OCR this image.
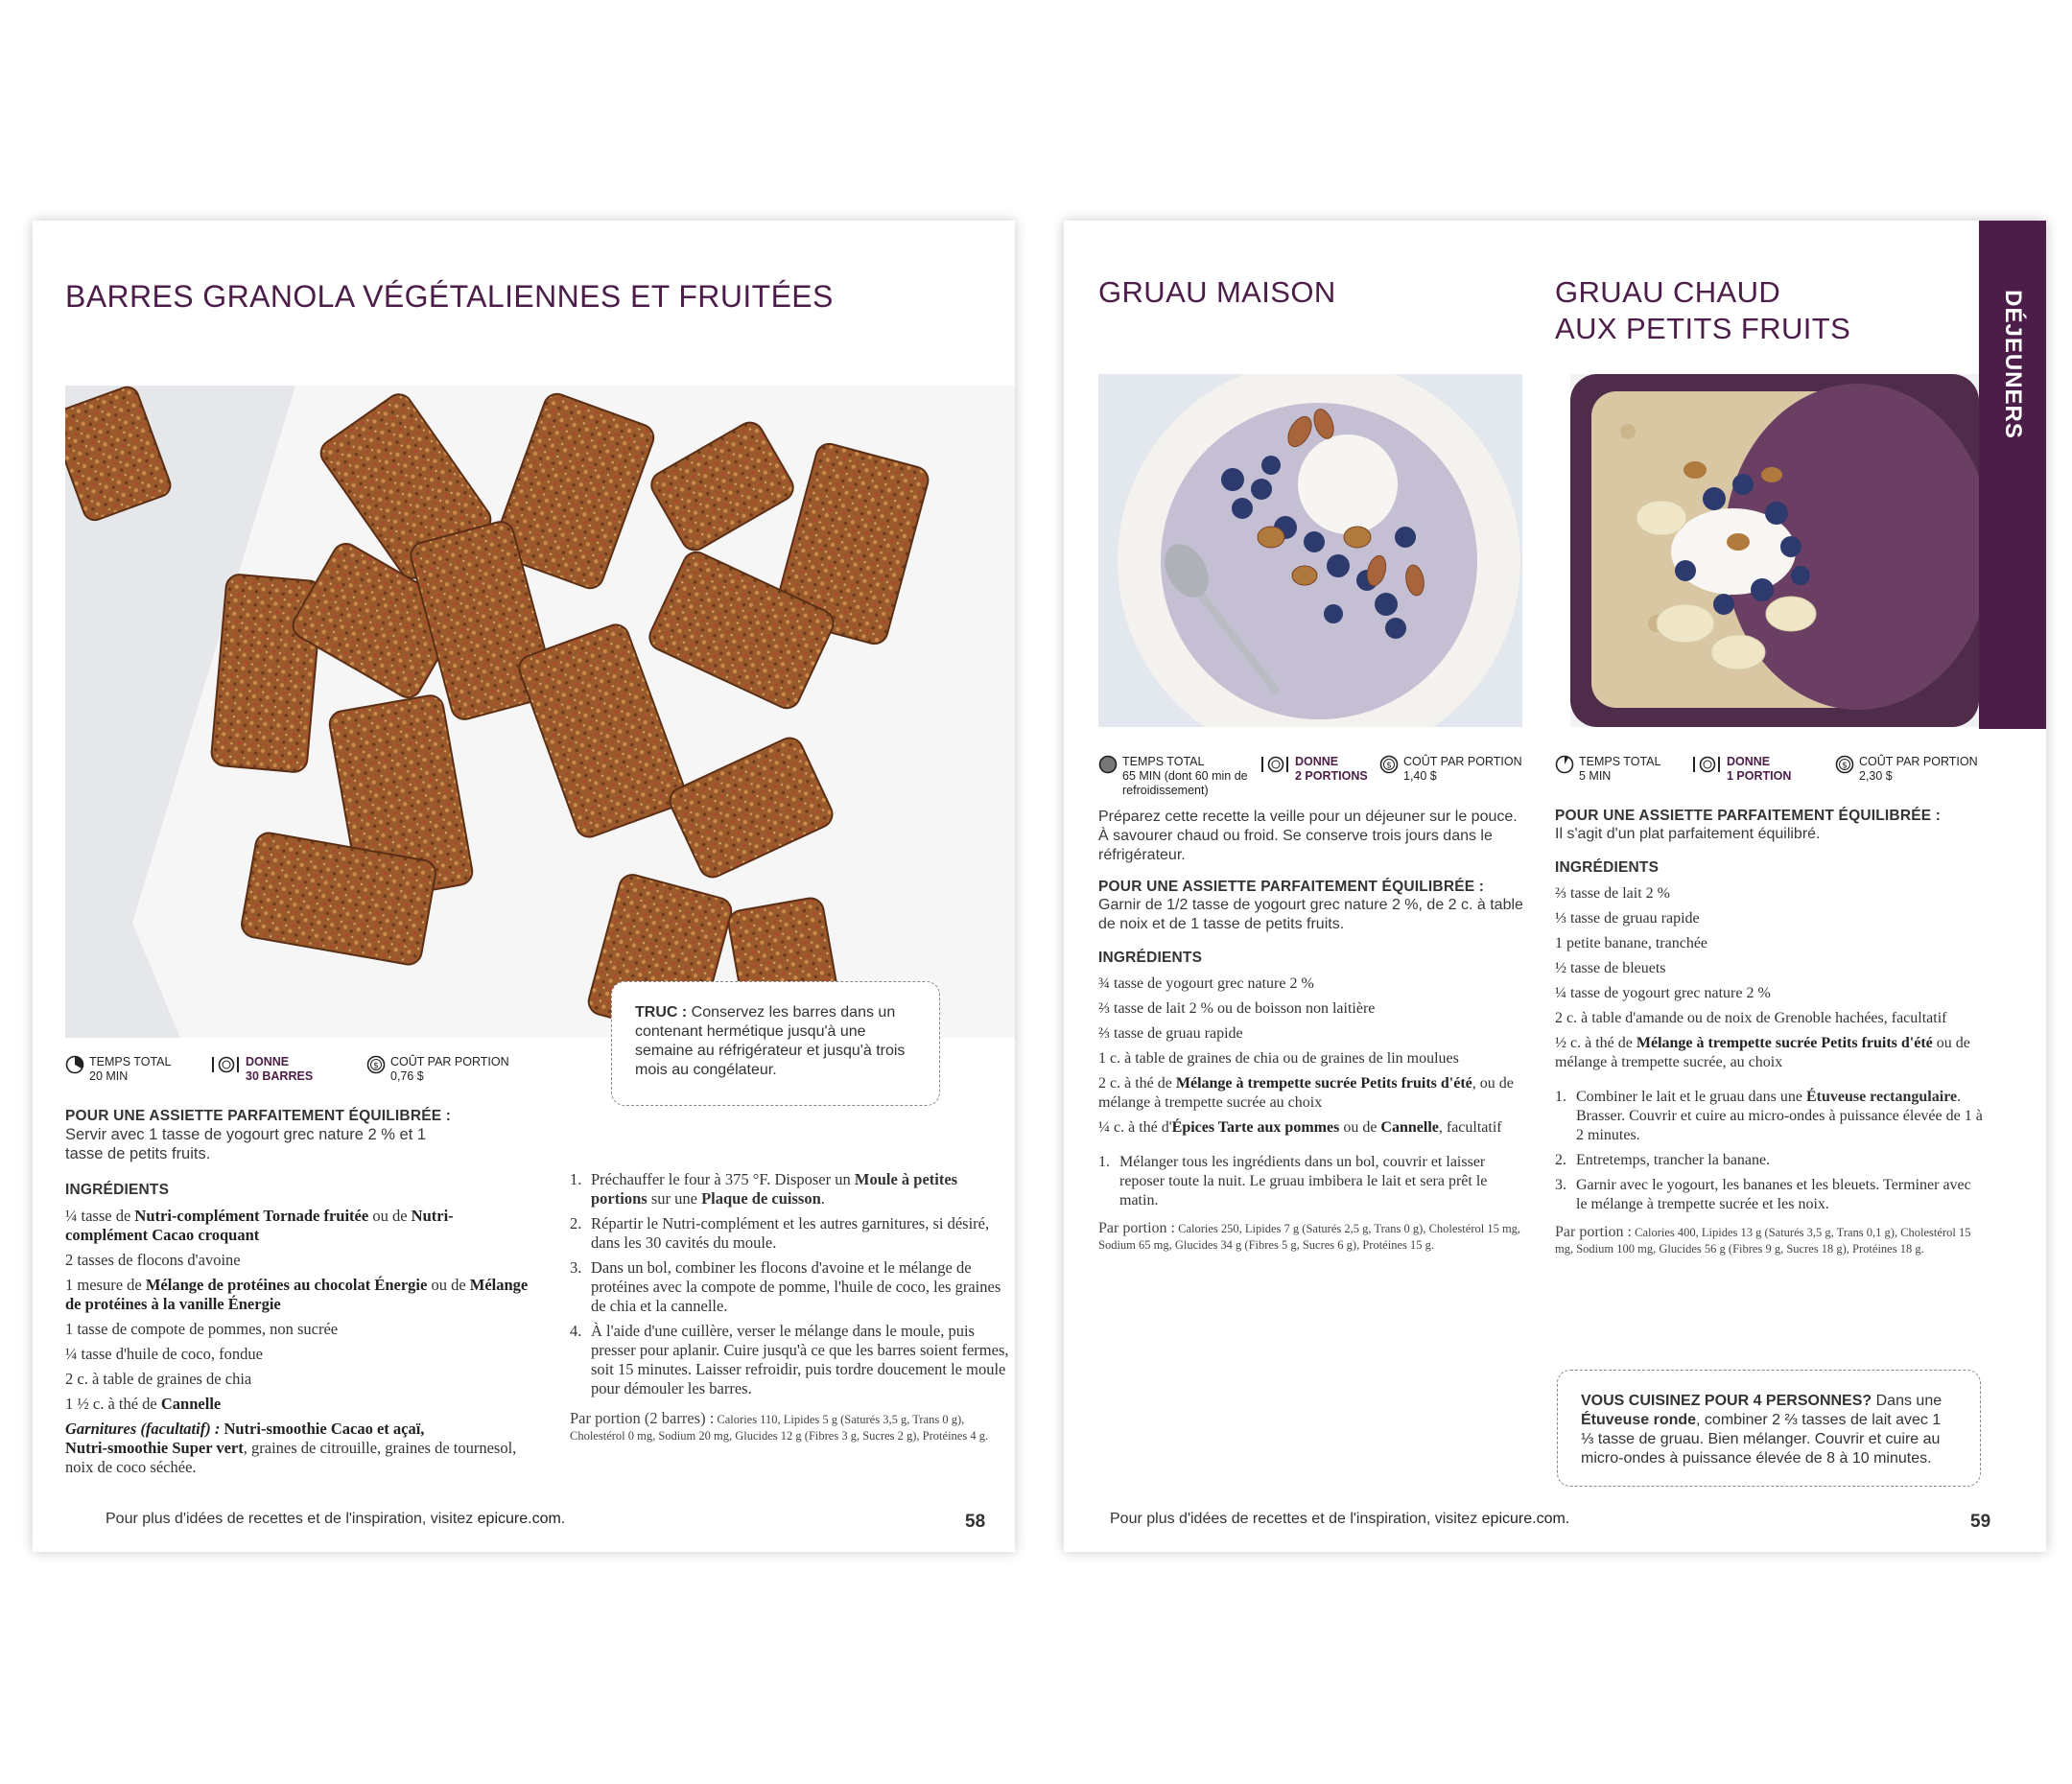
BARRES GRANOLA VÉGÉTALIENNES ET FRUITÉES
TRUC : Conservez les barres dans un contenant hermétique jusqu'à une semaine au réfrigérateur et jusqu'à trois mois au congélateur.
TEMPS TOTAL
20 MIN
DONNE
30 BARRES
$ COÛT PAR PORTION
0,76 $
POUR UNE ASSIETTE PARFAITEMENT ÉQUILIBRÉE :
Servir avec 1 tasse de yogourt grec nature 2 % et 1 tasse de petits fruits.
INGRÉDIENTS
¼ tasse de Nutri-complément Tornade fruitée ou de Nutri-complément Cacao croquant
2 tasses de flocons d'avoine
1 mesure de Mélange de protéines au chocolat Énergie ou de Mélange de protéines à la vanille Énergie
1 tasse de compote de pommes, non sucrée
¼ tasse d'huile de coco, fondue
2 c. à table de graines de chia
1 ½ c. à thé de Cannelle
Garnitures (facultatif) : Nutri-smoothie Cacao et açaï,
Nutri-smoothie Super vert, graines de citrouille, graines de tournesol, noix de coco séchée.
1. Préchauffer le four à 375 °F. Disposer un Moule à petites portions sur une Plaque de cuisson.
2. Répartir le Nutri-complément et les autres garnitures, si désiré, dans les 30 cavités du moule.
3. Dans un bol, combiner les flocons d'avoine et le mélange de protéines avec la compote de pomme, l'huile de coco, les graines de chia et la cannelle.
4. À l'aide d'une cuillère, verser le mélange dans le moule, puis presser pour aplanir. Cuire jusqu'à ce que les barres soient fermes, soit 15 minutes. Laisser refroidir, puis tordre doucement le moule pour démouler les barres.
Par portion (2 barres) : Calories 110, Lipides 5 g (Saturés 3,5 g, Trans 0 g), Cholestérol 0 mg, Sodium 20 mg, Glucides 12 g (Fibres 3 g, Sucres 2 g), Protéines 4 g.
Pour plus d'idées de recettes et de l'inspiration, visitez epicure.com.	58
DÉJEUNERS
GRUAU MAISON	GRUAU CHAUD
AUX PETITS FRUITS
TEMPS TOTAL
65 MIN (dont 60 min de refroidissement)
DONNE
2 PORTIONS
$ COÛT PAR PORTION
1,40 $
TEMPS TOTAL
5 MIN
DONNE
1 PORTION
$ COÛT PAR PORTION
2,30 $
Préparez cette recette la veille pour un déjeuner sur le pouce. À savourer chaud ou froid. Se conserve trois jours dans le réfrigérateur.
POUR UNE ASSIETTE PARFAITEMENT ÉQUILIBRÉE :
Garnir de 1/2 tasse de yogourt grec nature 2 %, de 2 c. à table de noix et de 1 tasse de petits fruits.
INGRÉDIENTS
¾ tasse de yogourt grec nature 2 %
⅔ tasse de lait 2 % ou de boisson non laitière
⅔ tasse de gruau rapide
1 c. à table de graines de chia ou de graines de lin moulues
2 c. à thé de Mélange à trempette sucrée Petits fruits d'été, ou de mélange à trempette sucrée au choix
¼ c. à thé d'Épices Tarte aux pommes ou de Cannelle, facultatif
1. Mélanger tous les ingrédients dans un bol, couvrir et laisser reposer toute la nuit. Le gruau imbibera le lait et sera prêt le matin.
Par portion : Calories 250, Lipides 7 g (Saturés 2,5 g, Trans 0 g), Cholestérol 15 mg, Sodium 65 mg, Glucides 34 g (Fibres 5 g, Sucres 6 g), Protéines 15 g.
POUR UNE ASSIETTE PARFAITEMENT ÉQUILIBRÉE :
Il s'agit d'un plat parfaitement équilibré.
INGRÉDIENTS
⅔ tasse de lait 2 %
⅓ tasse de gruau rapide
1 petite banane, tranchée
½ tasse de bleuets
¼ tasse de yogourt grec nature 2 %
2 c. à table d'amande ou de noix de Grenoble hachées, facultatif
½ c. à thé de Mélange à trempette sucrée Petits fruits d'été ou de mélange à trempette sucrée, au choix
1. Combiner le lait et le gruau dans une Étuveuse rectangulaire. Brasser. Couvrir et cuire au micro-ondes à puissance élevée de 1 à 2 minutes.
2. Entretemps, trancher la banane.
3. Garnir avec le yogourt, les bananes et les bleuets. Terminer avec le mélange à trempette sucrée et les noix.
Par portion : Calories 400, Lipides 13 g (Saturés 3,5 g, Trans 0,1 g), Cholestérol 15 mg, Sodium 100 mg, Glucides 56 g (Fibres 9 g, Sucres 18 g), Protéines 18 g.
VOUS CUISINEZ POUR 4 PERSONNES? Dans une Étuveuse ronde, combiner 2 ⅔ tasses de lait avec 1 ⅓ tasse de gruau. Bien mélanger. Couvrir et cuire au micro-ondes à puissance élevée de 8 à 10 minutes.
Pour plus d'idées de recettes et de l'inspiration, visitez epicure.com.	59
